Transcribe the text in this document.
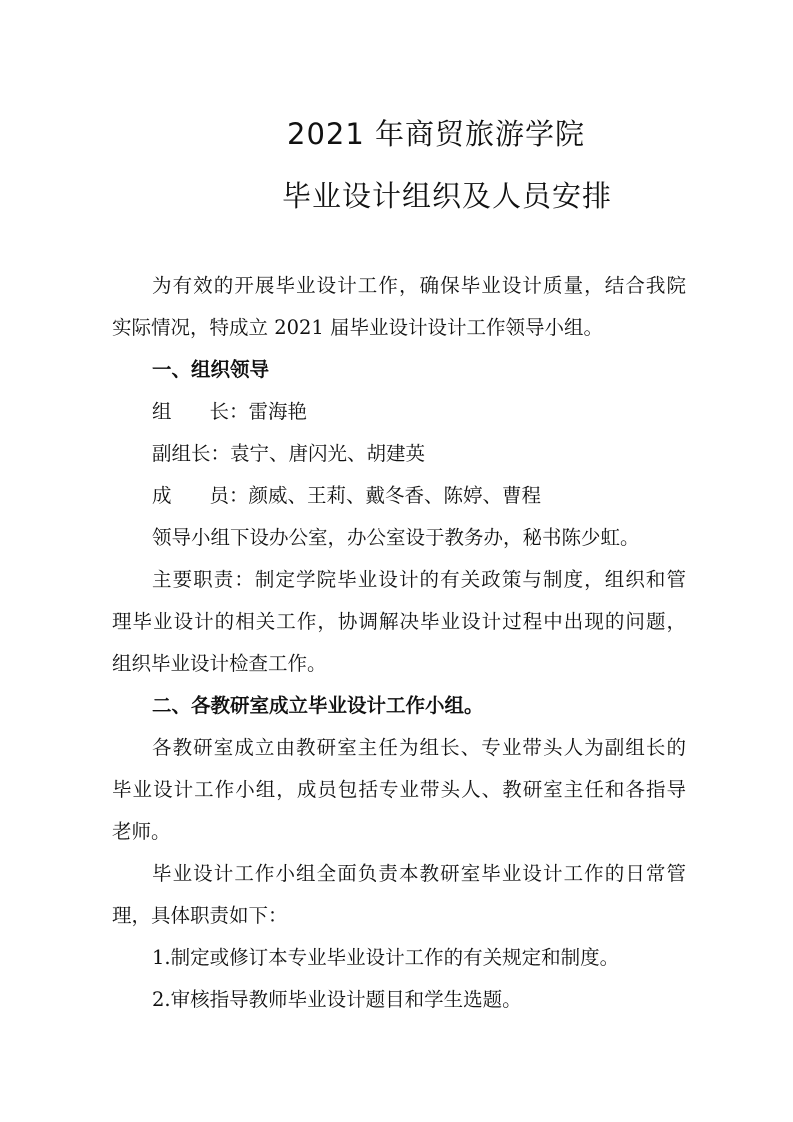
2021 年商贸旅游学院
毕业设计组织及人员安排
为有效的开展毕业设计工作，确保毕业设计质量，结合我院
实际情况，特成立 2021 届毕业设计设计工作领导小组。
一、组织领导
组 长：雷海艳
副组长：袁宁、唐闪光、胡建英
成 员：颜威、王莉、戴冬香、陈婷、曹程
领导小组下设办公室，办公室设于教务办，秘书陈少虹。
主要职责：制定学院毕业设计的有关政策与制度，组织和管
理毕业设计的相关工作，协调解决毕业设计过程中出现的问题，
组织毕业设计检查工作。
二、各教研室成立毕业设计工作小组。
各教研室成立由教研室主任为组长、专业带头人为副组长的
毕业设计工作小组，成员包括专业带头人、教研室主任和各指导
老师。
毕业设计工作小组全面负责本教研室毕业设计工作的日常管
理，具体职责如下：
1.制定或修订本专业毕业设计工作的有关规定和制度。
2.审核指导教师毕业设计题目和学生选题。
